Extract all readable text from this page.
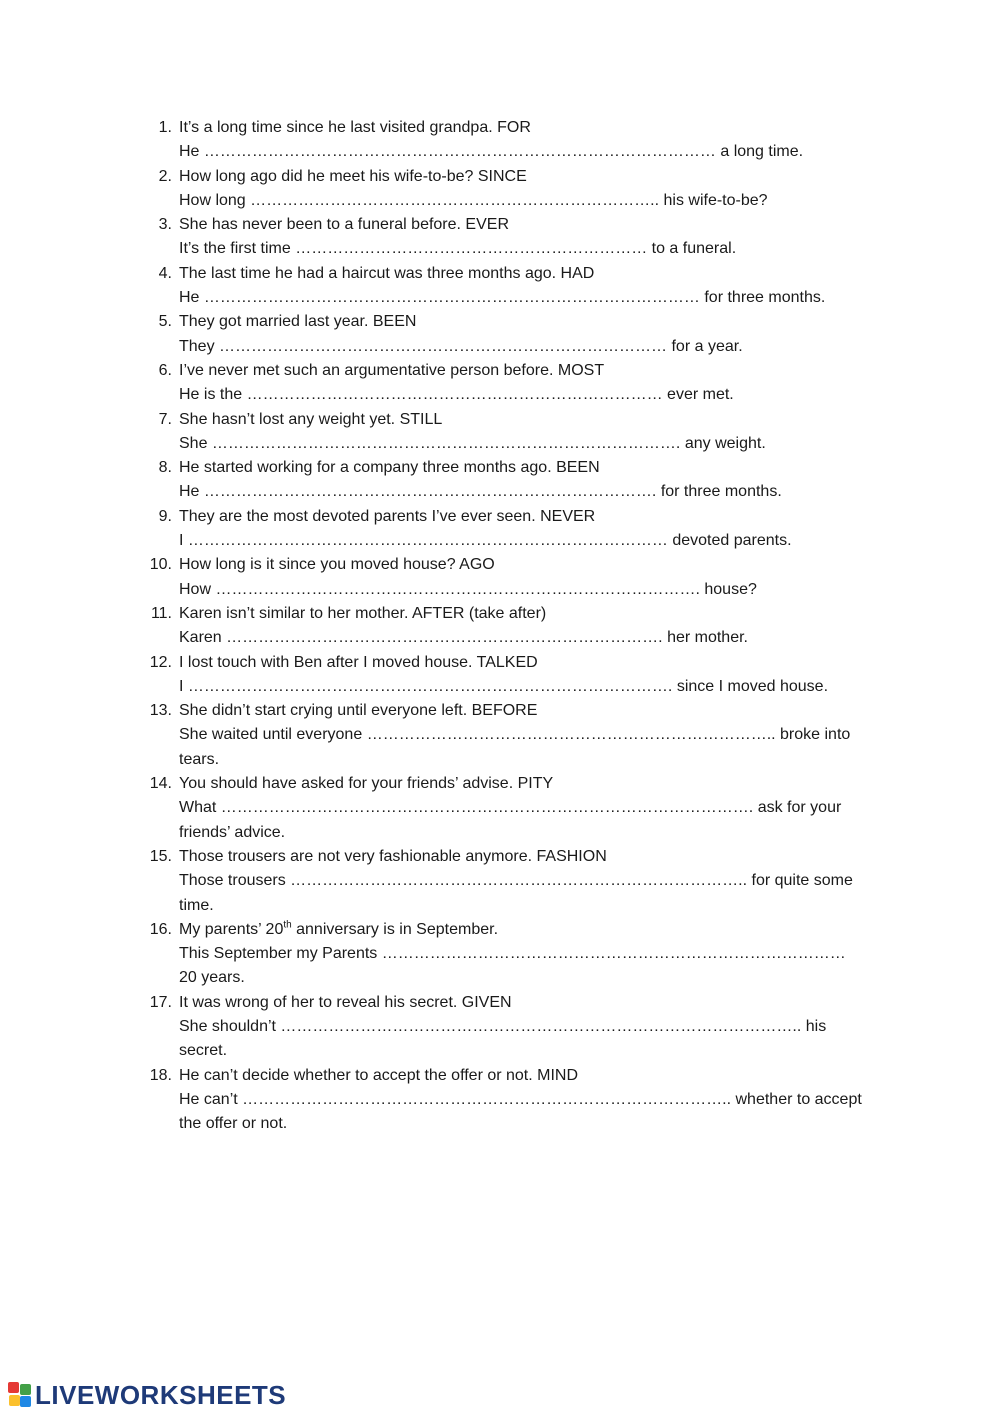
1. It’s a long time since he last visited grandpa. FOR
He …………………………………………………………………………………… a long time.
2. How long ago did he meet his wife-to-be? SINCE
How long ………………………………………………………………….. his wife-to-be?
3. She has never been to a funeral before. EVER
It’s the first time ………………………………………………………… to a funeral.
4. The last time he had a haircut was three months ago. HAD
He ………………………………………………………………………………… for three months.
5. They got married last year. BEEN
They ………………………………………………………………………… for a year.
6. I’ve never met such an argumentative person before. MOST
He is the …………………………………………………………………… ever met.
7. She hasn’t lost any weight yet. STILL
She ……………………………………………………………………………. any weight.
8. He started working for a company three months ago. BEEN
He …………………………………………………………………………. for three months.
9. They are the most devoted parents I’ve ever seen. NEVER
I ……………………………………………………………………………… devoted parents.
10. How long is it since you moved house? AGO
How ………………………………………………………………………………. house?
11. Karen isn’t similar to her mother. AFTER (take after)
Karen ………………………………………………………………………. her mother.
12. I lost touch with Ben after I moved house. TALKED
I ………………………………………………………………………………. since I moved house.
13. She didn’t start crying until everyone left. BEFORE
She waited until everyone ………………………………………………………………….. broke into tears.
14. You should have asked for your friends’ advise. PITY
What ………………………………………………………………………………………. ask for your friends’ advice.
15. Those trousers are not very fashionable anymore. FASHION
Those trousers ………………………………………………………………………….. for quite some time.
16. My parents’ 20th anniversary is in September.
This September my Parents …………………………………………………………………………… 20 years.
17. It was wrong of her to reveal his secret. GIVEN
She shouldn’t …………………………………………………………………………………….. his secret.
18. He can’t decide whether to accept the offer or not. MIND
He can’t ……………………………………………………………………………….. whether to accept the offer or not.
LIVEWORKSHEETS
